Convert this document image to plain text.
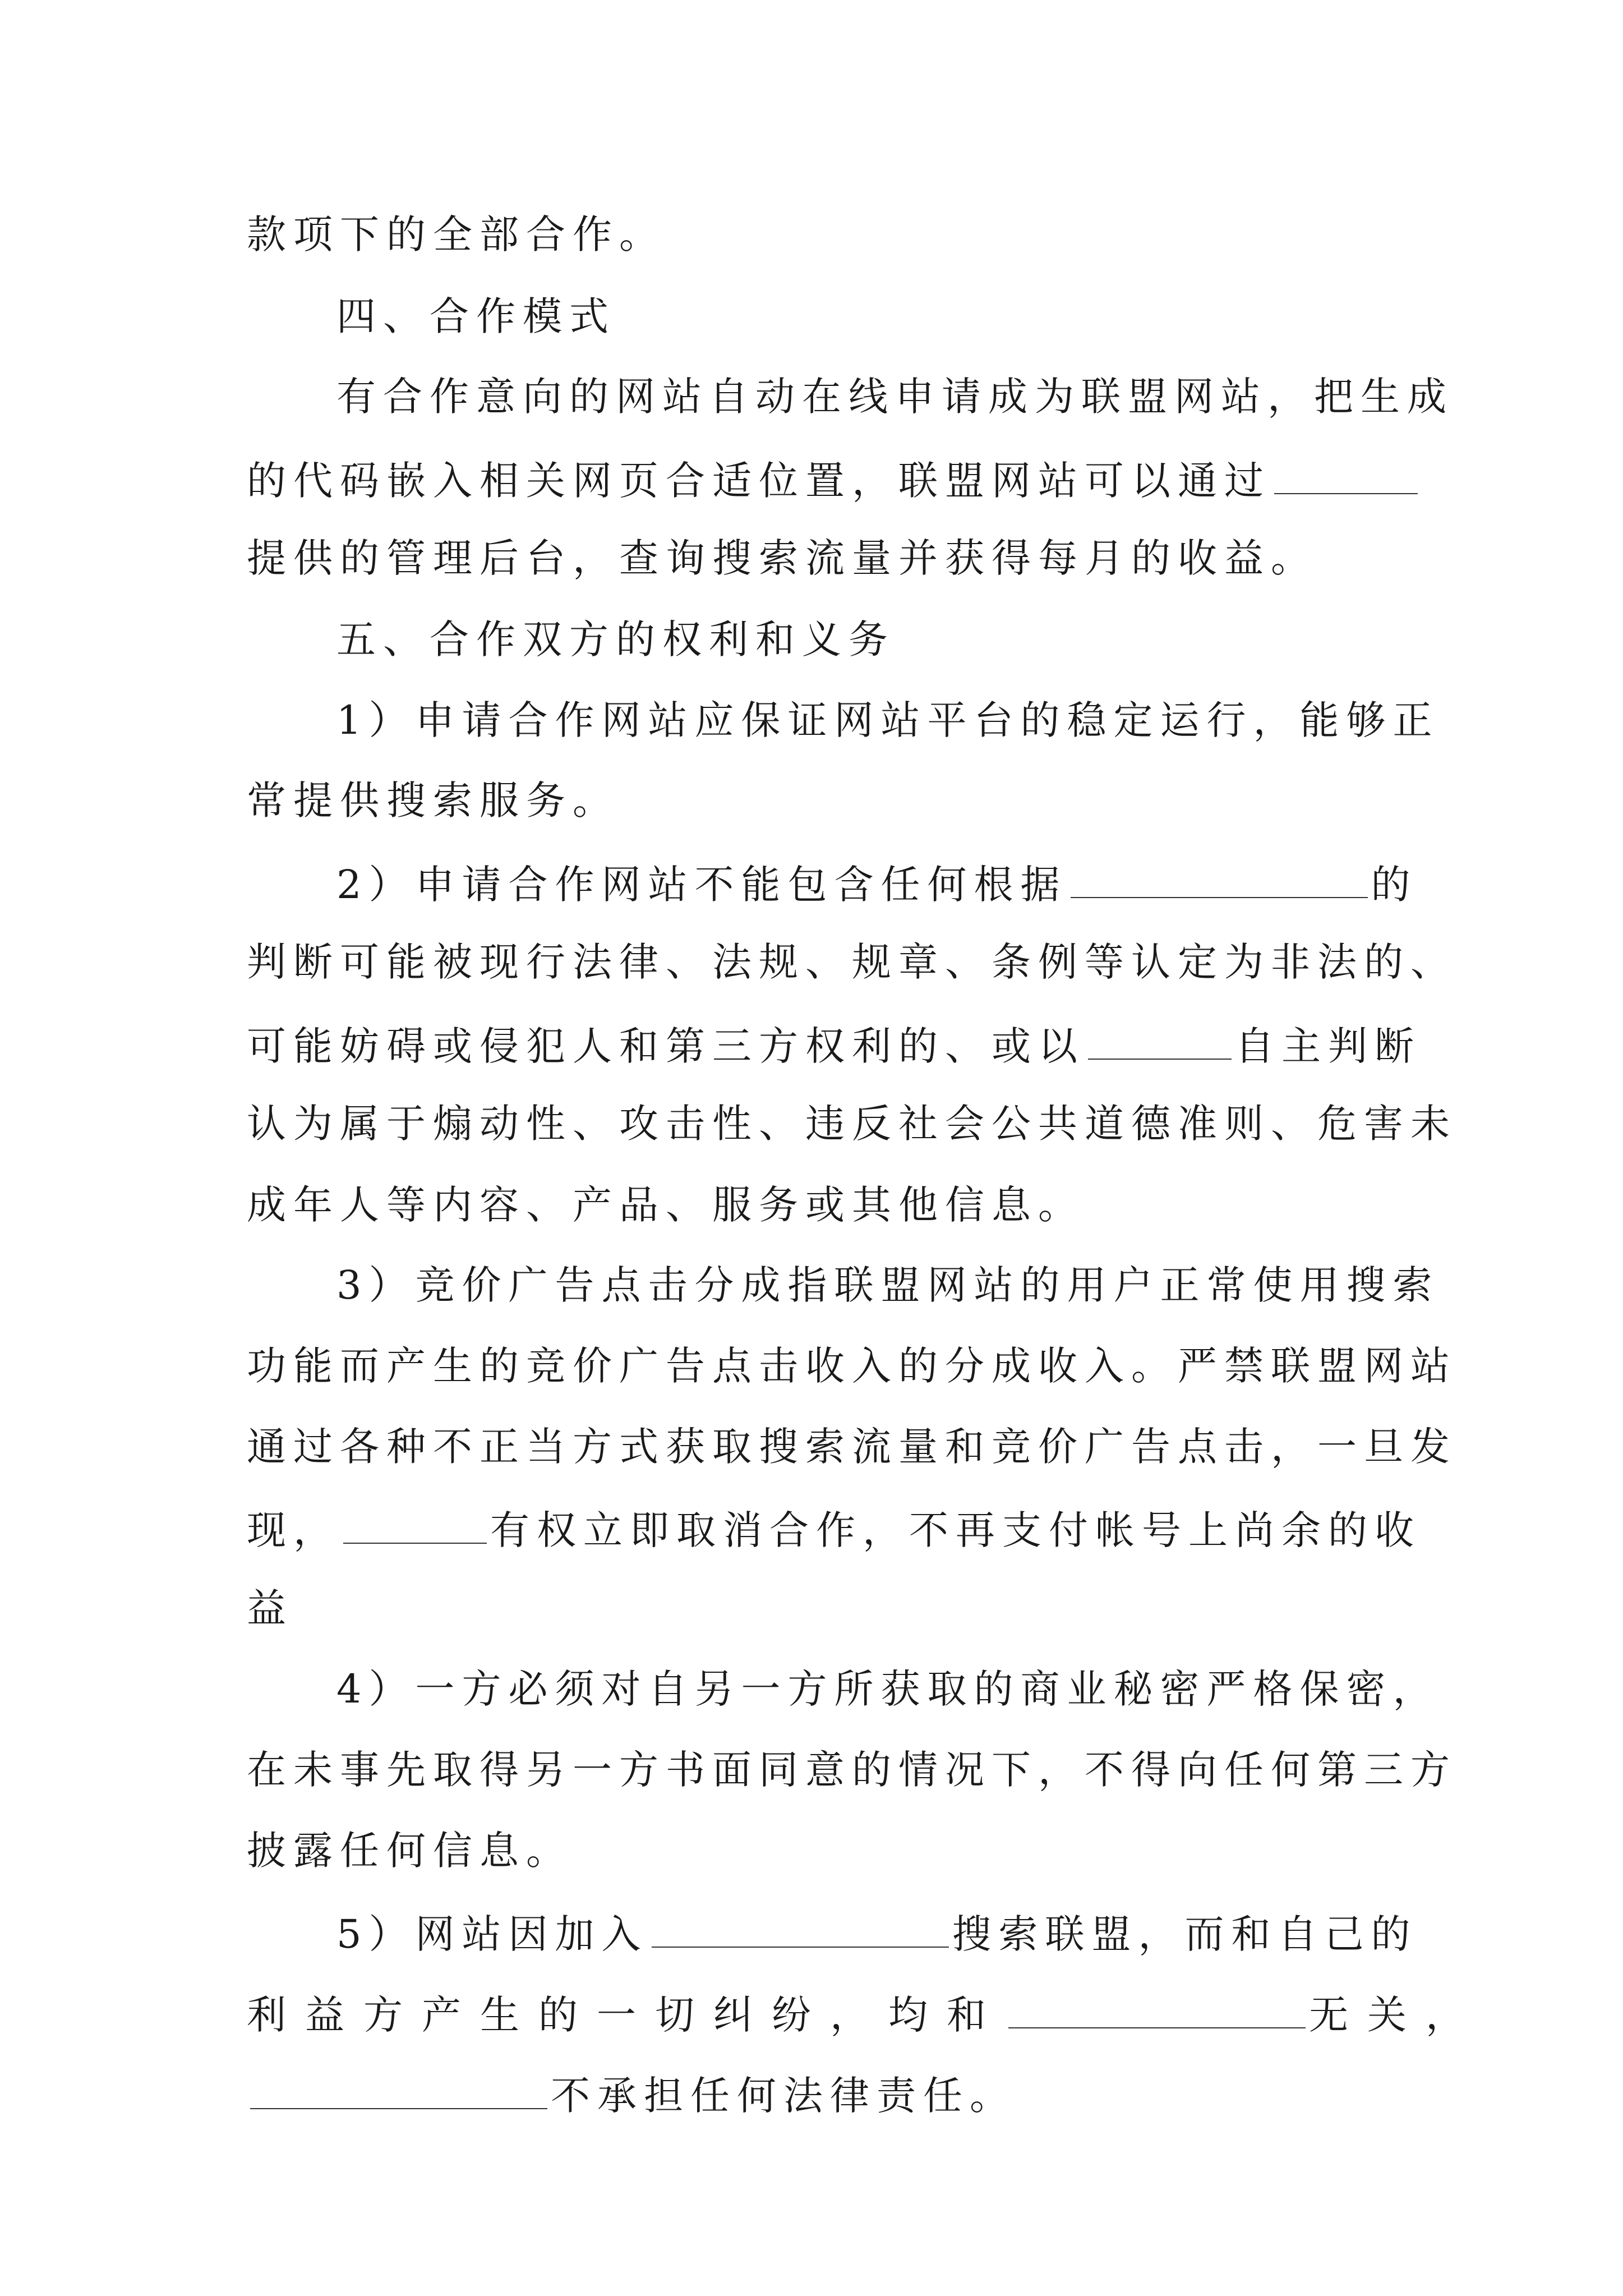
款项下的全部合作。
四、合作模式
有合作意向的网站自动在线申请成为联盟网站，把生成
的代码嵌入相关网页合适位置，联盟网站可以通过
提供的管理后台，查询搜索流量并获得每月的收益。
五、合作双方的权利和义务
1）申请合作网站应保证网站平台的稳定运行，能够正
常提供搜索服务。
2）申请合作网站不能包含任何根据	的
判断可能被现行法律、法规、规章、条例等认定为非法的、
可能妨碍或侵犯人和第三方权利的、或以	自主判断
认为属于煽动性、攻击性、违反社会公共道德准则、危害未
成年人等内容、产品、服务或其他信息。
3）竞价广告点击分成指联盟网站的用户正常使用搜索
功能而产生的竞价广告点击收入的分成收入。严禁联盟网站
通过各种不正当方式获取搜索流量和竞价广告点击，一旦发
现，	有权立即取消合作，不再支付帐号上尚余的收
益
4）一方必须对自另一方所获取的商业秘密严格保密，
在未事先取得另一方书面同意的情况下，不得向任何第三方
披露任何信息。
5）网站因加入	搜索联盟，而和自己的
利益方产生的一切纠纷，均和	无关，
不承担任何法律责任。
